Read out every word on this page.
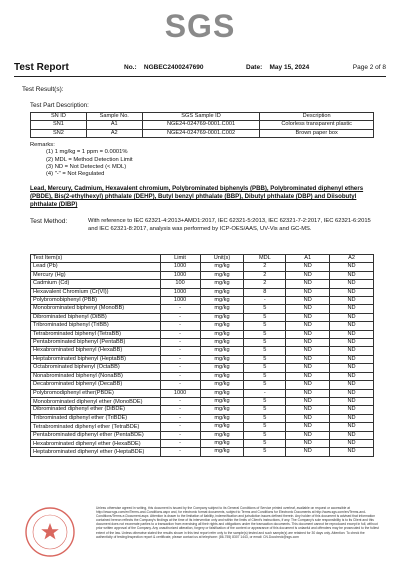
SGS
Test Report	No.: NGBEC2400247690	Date: May 15, 2024	Page 2 of 8
Test Result(s):
Test Part Description:
SN ID	Sample No.	SGS Sample ID	Description
SN1	A1	NGE24-024769-0001.C001	Colorless transparent plastic
SN2	A2	NGE24-024769-0001.C002	Brown paper box
Remarks:
(1) 1 mg/kg = 1 ppm = 0.0001%
(2) MDL = Method Detection Limit
(3) ND = Not Detected (< MDL)
(4) "-" = Not Regulated
Lead, Mercury, Cadmium, Hexavalent chromium, Polybrominated biphenyls (PBB), Polybrominated diphenyl ethers (PBDE), Bis(2-ethylhexyl) phthalate (DEHP), Butyl benzyl phthalate (BBP), Dibutyl phthalate (DBP) and Diisobutyl phthalate (DIBP)
Test Method:	With reference to IEC 62321-4:2013+AMD1:2017, IEC 62321-5:2013, IEC 62321-7-2:2017, IEC 62321-6:2015 and IEC 62321-8:2017, analysis was performed by ICP-OES/AAS, UV-Vis and GC-MS.
Test Item(s)	Limit	Unit(s)	MDL	A1	A2
Lead (Pb)	1000	mg/kg	2	ND	ND
Mercury (Hg)	1000	mg/kg	2	ND	ND
Cadmium (Cd)	100	mg/kg	2	ND	ND
Hexavalent Chromium (Cr(VI))	1000	mg/kg	8	ND	ND
Polybromobiphenyl (PBB)	1000	mg/kg	-	ND	ND
Monobrominated biphenyl (MonoBB)	-	mg/kg	5	ND	ND
Dibrominated biphenyl (DiBB)	-	mg/kg	5	ND	ND
Tribrominated biphenyl (TriBB)	-	mg/kg	5	ND	ND
Tetrabrominated biphenyl (TetraBB)	-	mg/kg	5	ND	ND
Pentabrominated biphenyl (PentaBB)	-	mg/kg	5	ND	ND
Hexabrominated biphenyl (HexaBB)	-	mg/kg	5	ND	ND
Heptabrominated biphenyl (HeptaBB)	-	mg/kg	5	ND	ND
Octabrominated biphenyl (OctaBB)	-	mg/kg	5	ND	ND
Nonabrominated biphenyl (NonaBB)	-	mg/kg	5	ND	ND
Decabrominated biphenyl (DecaBB)	-	mg/kg	5	ND	ND
Polybromodiphenyl ether(PBDE)	1000	mg/kg	-	ND	ND
Monobrominated diphenyl ether (MonoBDE)	-	mg/kg	5	ND	ND
Dibrominated diphenyl ether (DiBDE)	-	mg/kg	5	ND	ND
Tribrominated diphenyl ether (TriBDE)	-	mg/kg	5	ND	ND
Tetrabrominated diphenyl ether (TetraBDE)	-	mg/kg	5	ND	ND
Pentabrominated diphenyl ether (PentaBDE)	-	mg/kg	5	ND	ND
Hexabrominated diphenyl ether (HexaBDE)	-	mg/kg	5	ND	ND
Heptabrominated diphenyl ether (HeptaBDE)	-	mg/kg	5	ND	ND
Unless otherwise agreed in writing, this document is issued by the Company subject to its General Conditions of Service printed overleaf, available on request or accessible at http://www.sgs.com/en/Terms-and-Conditions.aspx and, for electronic format documents, subject to Terms and Conditions for Electronic Documents at http://www.sgs.com/en/Terms-and-Conditions/Terms-e-Document.aspx. Attention is drawn to the limitation of liability, indemnification and jurisdiction issues defined therein. Any holder of this document is advised that information contained hereon reflects the Company's findings at the time of its intervention only and within the limits of Client's instructions, if any. The Company's sole responsibility is to its Client and this document does not exonerate parties to a transaction from exercising all their rights and obligations under the transaction documents. This document cannot be reproduced except in full, without prior written approval of the Company. Any unauthorized alteration, forgery or falsification of the content or appearance of this document is unlawful and offenders may be prosecuted to the fullest extent of the law. Unless otherwise stated the results shown in this test report refer only to the sample(s) tested and such sample(s) are retained for 30 days only. Attention: To check the authenticity of testing/inspection report & certificate, please contact us at telephone: (86-755) 8307 1443, or email: CN.Doccheck@sgs.com
